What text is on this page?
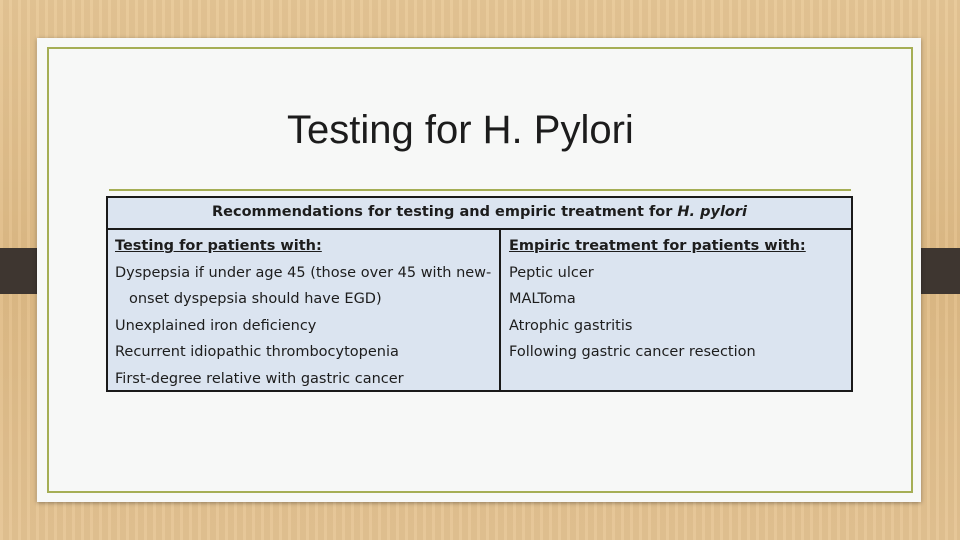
Testing for H. Pylori
Recommendations for testing and empiric treatment for H. pylori
Testing for patients with:
Dyspepsia if under age 45 (those over 45 with new-
onset dyspepsia should have EGD)
Unexplained iron deficiency
Recurrent idiopathic thrombocytopenia
First-degree relative with gastric cancer
Empiric treatment for patients with:
Peptic ulcer
MALToma
Atrophic gastritis
Following gastric cancer resection
